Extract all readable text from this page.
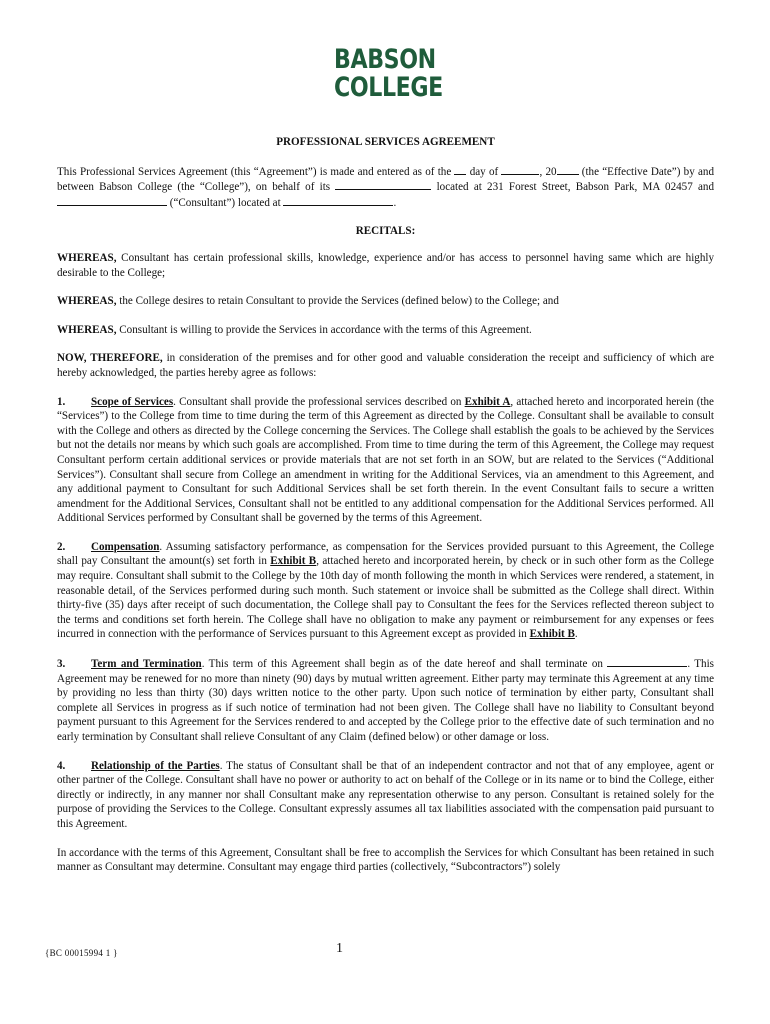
BABSON
COLLEGE
PROFESSIONAL SERVICES AGREEMENT

This Professional Services Agreement (this “Agreement”) is made and entered as of the  day of	, 20 (the “Effective Date”) by and between Babson College (the “College”), on behalf of its	located at 231 Forest Street, Babson Park, MA 02457 and  (“Consultant”) located at	.

RECITALS:

WHEREAS, Consultant has certain professional skills, knowledge, experience and/or has access to personnel having same which are highly desirable to the College;

WHEREAS, the College desires to retain Consultant to provide the Services (defined below) to the College; and

WHEREAS, Consultant is willing to provide the Services in accordance with the terms of this Agreement.

NOW, THEREFORE, in consideration of the premises and for other good and valuable consideration the receipt and sufficiency of which are hereby acknowledged, the parties hereby agree as follows:

1. Scope of Services. Consultant shall provide the professional services described on Exhibit A, attached hereto and incorporated herein (the “Services”) to the College from time to time during the term of this Agreement as directed by the College. Consultant shall be available to consult with the College and others as directed by the College concerning the Services. The College shall establish the goals to be achieved by the Services but not the details nor means by which such goals are accomplished. From time to time during the term of this Agreement, the College may request Consultant perform certain additional services or provide materials that are not set forth in an SOW, but are related to the Services (“Additional Services”). Consultant shall secure from College an amendment in writing for the Additional Services, via an amendment to this Agreement, and any additional payment to Consultant for such Additional Services shall be set forth therein. In the event Consultant fails to secure a written amendment for the Additional Services, Consultant shall not be entitled to any additional compensation for the Additional Services performed. All Additional Services performed by Consultant shall be governed by the terms of this Agreement.

2. Compensation. Assuming satisfactory performance, as compensation for the Services provided pursuant to this Agreement, the College shall pay Consultant the amount(s) set forth in Exhibit B, attached hereto and incorporated herein, by check or in such other form as the College may require. Consultant shall submit to the College by the 10th day of month following the month in which Services were rendered, a statement, in reasonable detail, of the Services performed during such month. Such statement or invoice shall be submitted as the College shall direct. Within thirty-five (35) days after receipt of such documentation, the College shall pay to Consultant the fees for the Services reflected thereon subject to the terms and conditions set forth herein. The College shall have no obligation to make any payment or reimbursement for any expenses or fees incurred in connection with the performance of Services pursuant to this Agreement except as provided in Exhibit B.

3. Term and Termination. This term of this Agreement shall begin as of the date hereof and shall terminate on	. This Agreement may be renewed for no more than ninety (90) days by mutual written agreement. Either party may terminate this Agreement at any time by providing no less than thirty (30) days written notice to the other party. Upon such notice of termination by either party, Consultant shall complete all Services in progress as if such notice of termination had not been given. The College shall have no liability to Consultant beyond payment pursuant to this Agreement for the Services rendered to and accepted by the College prior to the effective date of such termination and no early termination by Consultant shall relieve Consultant of any Claim (defined below) or other damage or loss.

4. Relationship of the Parties. The status of Consultant shall be that of an independent contractor and not that of any employee, agent or other partner of the College. Consultant shall have no power or authority to act on behalf of the College or in its name or to bind the College, either directly or indirectly, in any manner nor shall Consultant make any representation otherwise to any person. Consultant is retained solely for the purpose of providing the Services to the College. Consultant expressly assumes all tax liabilities associated with the compensation paid pursuant to this Agreement.

In accordance with the terms of this Agreement, Consultant shall be free to accomplish the Services for which Consultant has been retained in such manner as Consultant may determine. Consultant may engage third parties (collectively, “Subcontractors”) solely

{BC 00015994 1 }	1
